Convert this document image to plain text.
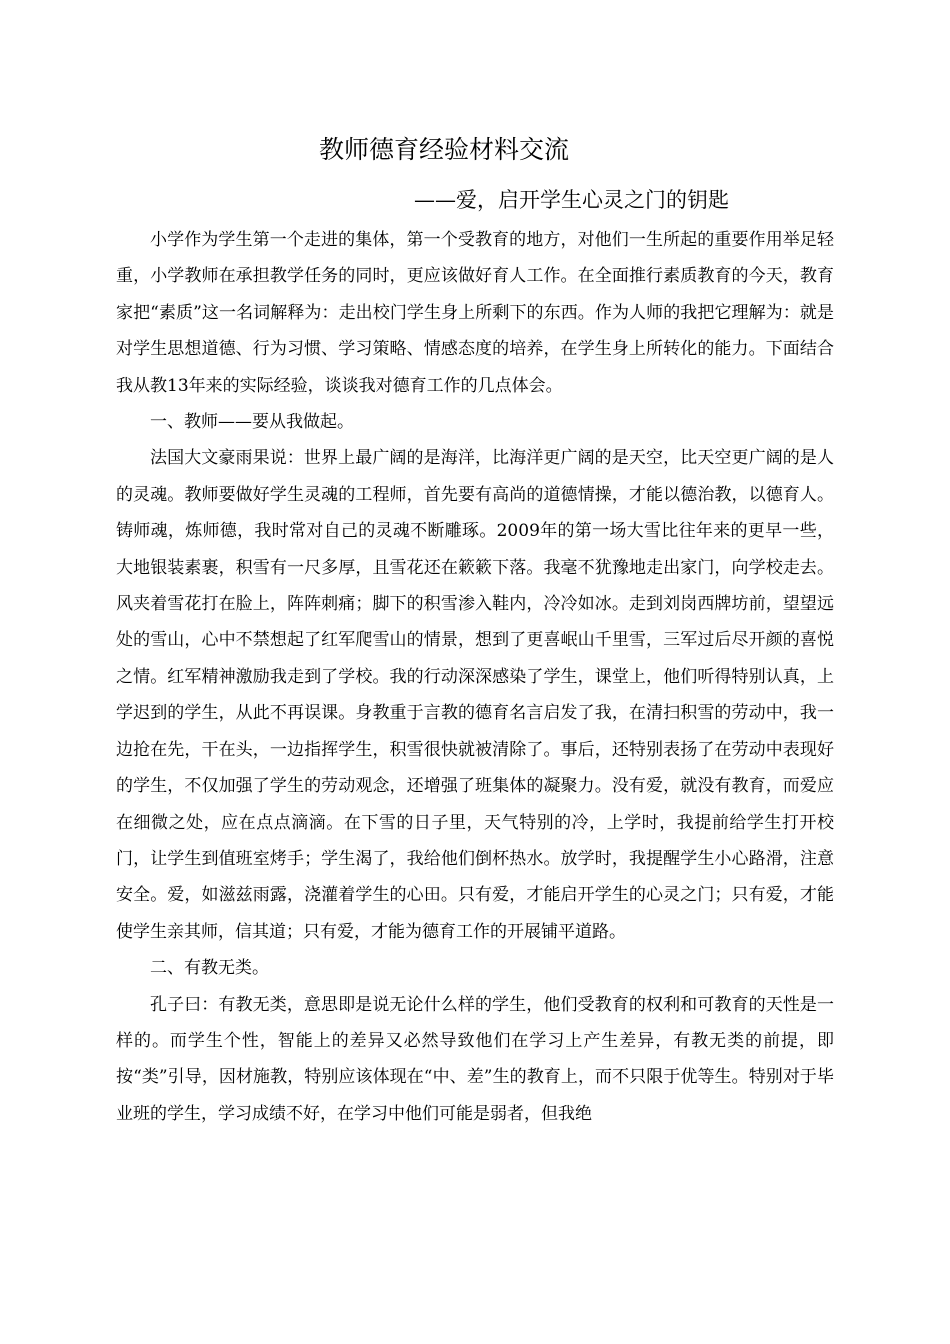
教师德育经验材料交流
——爱，启开学生心灵之门的钥匙

小学作为学生第一个走进的集体，第一个受教育的地方，对他们一生所起的重要作用举足轻重，小学教师在承担教学任务的同时，更应该做好育人工作。在全面推行素质教育的今天，教育家把“素质”这一名词解释为：走出校门学生身上所剩下的东西。作为人师的我把它理解为：就是对学生思想道德、行为习惯、学习策略、情感态度的培养，在学生身上所转化的能力。下面结合我从教13年来的实际经验，谈谈我对德育工作的几点体会。

一、教师——要从我做起。

法国大文豪雨果说：世界上最广阔的是海洋，比海洋更广阔的是天空，比天空更广阔的是人的灵魂。教师要做好学生灵魂的工程师，首先要有高尚的道德情操，才能以德治教，以德育人。铸师魂，炼师德，我时常对自己的灵魂不断雕琢。2009年的第一场大雪比往年来的更早一些，大地银装素裹，积雪有一尺多厚，且雪花还在簌簌下落。我毫不犹豫地走出家门，向学校走去。风夹着雪花打在脸上，阵阵刺痛；脚下的积雪渗入鞋内，冷冷如冰。走到刘岗西牌坊前，望望远处的雪山，心中不禁想起了红军爬雪山的情景，想到了更喜岷山千里雪，三军过后尽开颜的喜悦之情。红军精神激励我走到了学校。我的行动深深感染了学生，课堂上，他们听得特别认真，上学迟到的学生，从此不再误课。身教重于言教的德育名言启发了我，在清扫积雪的劳动中，我一边抢在先，干在头，一边指挥学生，积雪很快就被清除了。事后，还特别表扬了在劳动中表现好的学生，不仅加强了学生的劳动观念，还增强了班集体的凝聚力。没有爱，就没有教育，而爱应在细微之处，应在点点滴滴。在下雪的日子里，天气特别的冷，上学时，我提前给学生打开校门，让学生到值班室烤手；学生渴了，我给他们倒杯热水。放学时，我提醒学生小心路滑，注意安全。爱，如滋兹雨露，浇灌着学生的心田。只有爱，才能启开学生的心灵之门；只有爱，才能使学生亲其师，信其道；只有爱，才能为德育工作的开展铺平道路。

二、有教无类。

孔子曰：有教无类，意思即是说无论什么样的学生，他们受教育的权利和可教育的天性是一样的。而学生个性，智能上的差异又必然导致他们在学习上产生差异，有教无类的前提，即按“类”引导，因材施教，特别应该体现在“中、差”生的教育上，而不只限于优等生。特别对于毕业班的学生，学习成绩不好，在学习中他们可能是弱者，但我绝
